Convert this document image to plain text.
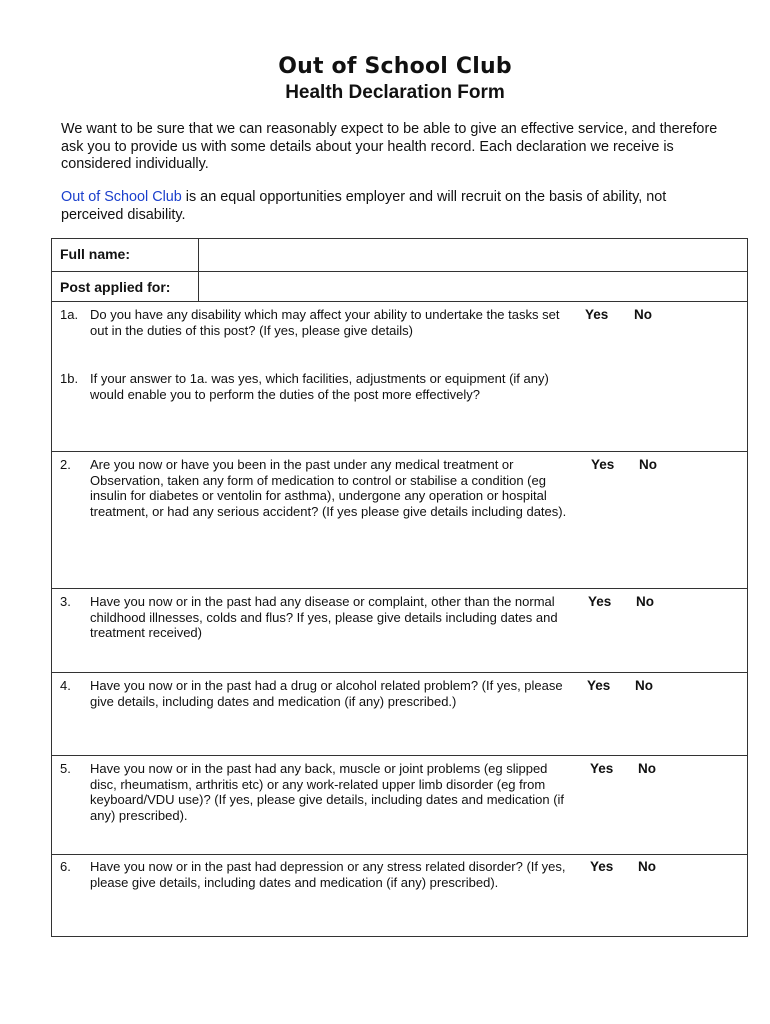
Out of School Club
Health Declaration Form
We want to be sure that we can reasonably expect to be able to give an effective service, and therefore ask you to provide us with some details about your health record. Each declaration we receive is considered individually.
Out of School Club is an equal opportunities employer and will recruit on the basis of ability, not perceived disability.
Full name:
Post applied for:
1a. Do you have any disability which may affect your ability to undertake the tasks set out in the duties of this post? (If yes, please give details)
Yes No
1b. If your answer to 1a. was yes, which facilities, adjustments or equipment (if any) would enable you to perform the duties of the post more effectively?
2. Are you now or have you been in the past under any medical treatment or Observation, taken any form of medication to control or stabilise a condition (eg insulin for diabetes or ventolin for asthma), undergone any operation or hospital treatment, or had any serious accident? (If yes please give details including dates).
Yes No
3. Have you now or in the past had any disease or complaint, other than the normal childhood illnesses, colds and flus? If yes, please give details including dates and treatment received)
Yes No
4. Have you now or in the past had a drug or alcohol related problem? (If yes, please give details, including dates and medication (if any) prescribed.)
Yes No
5. Have you now or in the past had any back, muscle or joint problems (eg slipped disc, rheumatism, arthritis etc) or any work-related upper limb disorder (eg from keyboard/VDU use)? (If yes, please give details, including dates and medication (if any) prescribed).
Yes No
6. Have you now or in the past had depression or any stress related disorder? (If yes, please give details, including dates and medication (if any) prescribed).
Yes No
